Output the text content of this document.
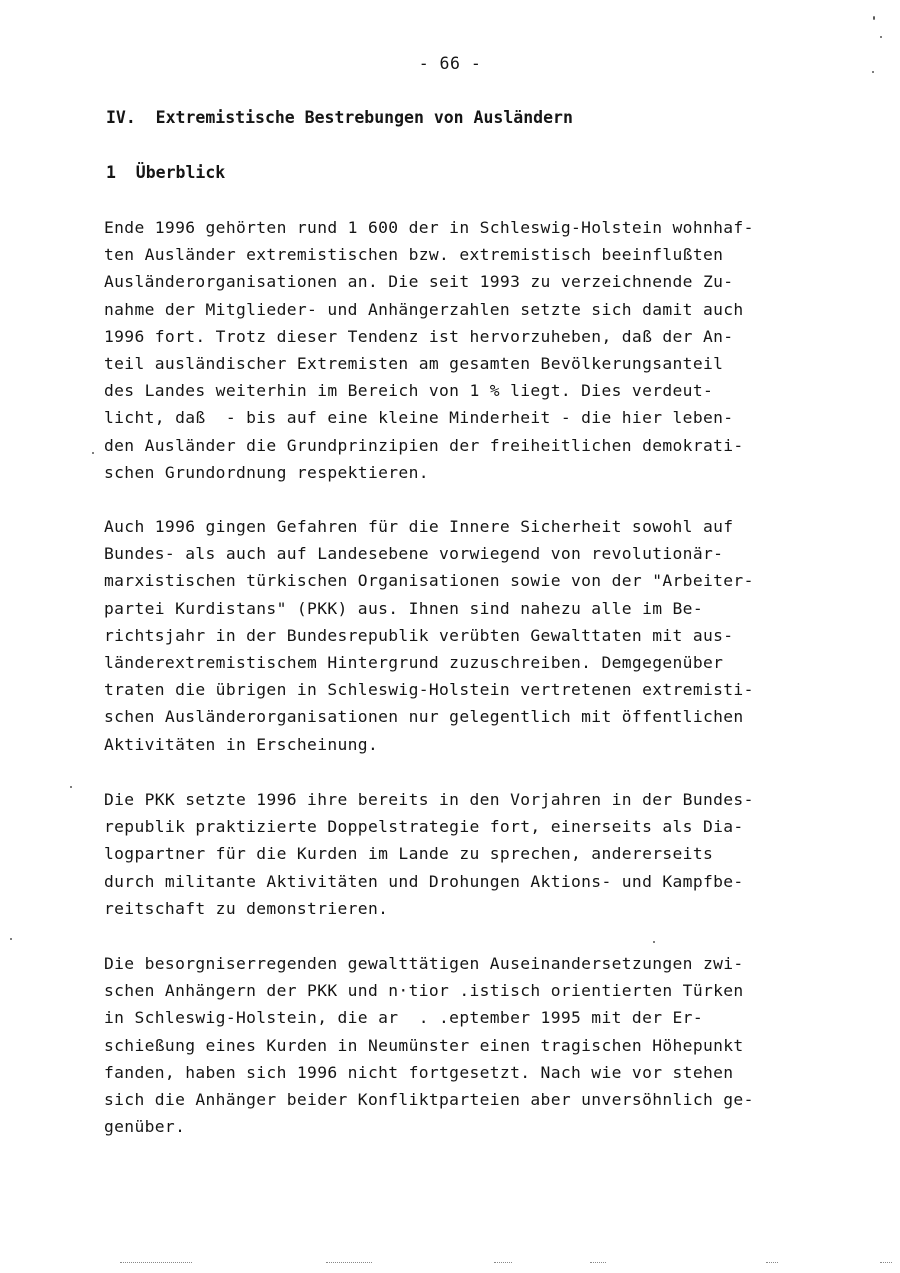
- 66 -
IV.  Extremistische Bestrebungen von Ausländern
1  Überblick
Ende 1996 gehörten rund 1 600 der in Schleswig-Holstein wohnhaf-
ten Ausländer extremistischen bzw. extremistisch beeinflußten
Ausländerorganisationen an. Die seit 1993 zu verzeichnende Zu-
nahme der Mitglieder- und Anhängerzahlen setzte sich damit auch
1996 fort. Trotz dieser Tendenz ist hervorzuheben, daß der An-
teil ausländischer Extremisten am gesamten Bevölkerungsanteil
des Landes weiterhin im Bereich von 1 % liegt. Dies verdeut-
licht, daß  - bis auf eine kleine Minderheit - die hier leben-
den Ausländer die Grundprinzipien der freiheitlichen demokrati-
schen Grundordnung respektieren.
Auch 1996 gingen Gefahren für die Innere Sicherheit sowohl auf
Bundes- als auch auf Landesebene vorwiegend von revolutionär-
marxistischen türkischen Organisationen sowie von der "Arbeiter-
partei Kurdistans" (PKK) aus. Ihnen sind nahezu alle im Be-
richtsjahr in der Bundesrepublik verübten Gewalttaten mit aus-
länderextremistischem Hintergrund zuzuschreiben. Demgegenüber
traten die übrigen in Schleswig-Holstein vertretenen extremisti-
schen Ausländerorganisationen nur gelegentlich mit öffentlichen
Aktivitäten in Erscheinung.
Die PKK setzte 1996 ihre bereits in den Vorjahren in der Bundes-
republik praktizierte Doppelstrategie fort, einerseits als Dia-
logpartner für die Kurden im Lande zu sprechen, andererseits
durch militante Aktivitäten und Drohungen Aktions- und Kampfbe-
reitschaft zu demonstrieren.
Die besorgniserregenden gewalttätigen Auseinandersetzungen zwi-
schen Anhängern der PKK und n·tior .istisch orientierten Türken
in Schleswig-Holstein, die ar  . .eptember 1995 mit der Er-
schießung eines Kurden in Neumünster einen tragischen Höhepunkt
fanden, haben sich 1996 nicht fortgesetzt. Nach wie vor stehen
sich die Anhänger beider Konfliktparteien aber unversöhnlich ge-
genüber.
